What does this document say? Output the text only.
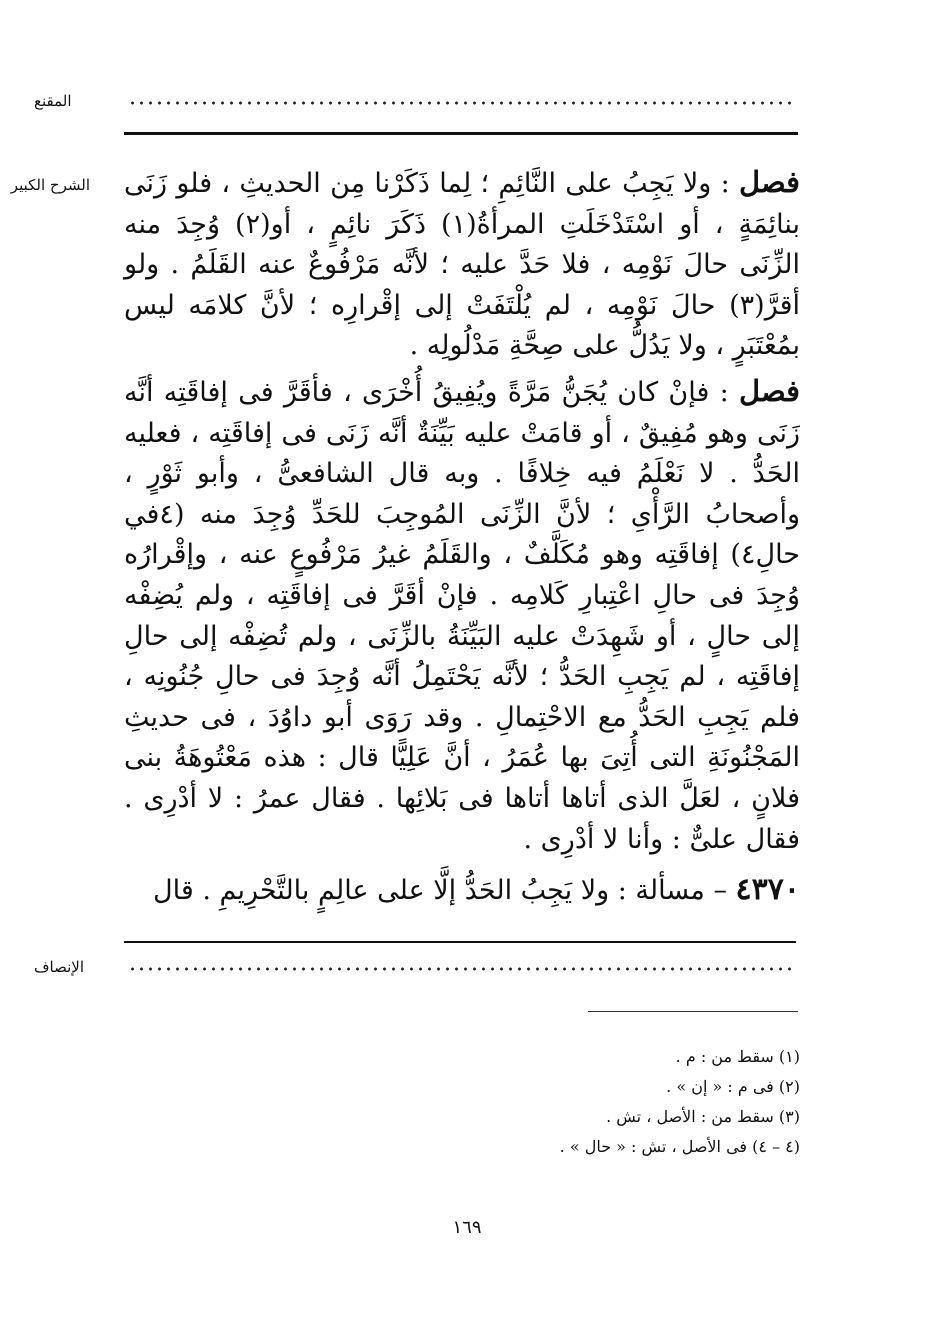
المقنع
الشرح الكبير	فصل : ولا يَجِبُ على النَّائِمِ ؛ لِما ذَكَرْنا مِن الحديثِ ، فلو زَنَى بنائِمَةٍ ، أو اسْتَدْخَلَتِ المرأةُ(١) ذَكَرَ نائِمٍ ، أو(٢) وُجِدَ منه الزِّنَى حالَ نَوْمِه ، فلا حَدَّ عليه ؛ لأنَّه مَرْفُوعٌ عنه القَلَمُ . ولو أقرَّ(٣) حالَ نَوْمِه ، لم يُلْتَفَتْ إلى إقْرارِه ؛ لأنَّ كلامَه ليس بمُعْتَبَرٍ ، ولا يَدُلُّ على صِحَّةِ مَدْلُولِه .

فصل : فإنْ كان يُجَنُّ مَرَّةً ويُفِيقُ أُخْرَى ، فأقَرَّ فى إفاقَتِه أنَّه زَنَى وهو مُفِيقٌ ، أو قامَتْ عليه بَيِّنَةٌ أنَّه زَنَى فى إفاقَتِه ، فعليه الحَدُّ . لا نَعْلَمُ فيه خِلافًا . وبه قال الشافعىُّ ، وأبو ثَوْرٍ ، وأصحابُ الرَّأْىِ ؛ لأنَّ الزِّنَى المُوجِبَ للحَدِّ وُجِدَ منه (٤في حالِ٤) إفاقَتِه وهو مُكَلَّفٌ ، والقَلَمُ غيرُ مَرْفُوعٍ عنه ، وإقْرارُه وُجِدَ فى حالِ اعْتِبارِ كَلامِه . فإنْ أقَرَّ فى إفاقَتِه ، ولم يُضِفْه إلى حالٍ ، أو شَهِدَتْ عليه البَيِّنَةُ بالزِّنَى ، ولم تُضِفْه إلى حالِ إفاقَتِه ، لم يَجِبِ الحَدُّ ؛ لأنَّه يَحْتَمِلُ أنَّه وُجِدَ فى حالِ جُنُونِه ، فلم يَجِبِ الحَدُّ مع الاحْتِمالِ . وقد رَوَى أبو داوُدَ ، فى حديثِ المَجْنُونَةِ التى أُتِىَ بها عُمَرُ ، أنَّ عَلِيًّا قال : هذه مَعْتُوهَةُ بنى فلانٍ ، لعَلَّ الذى أتاها أتاها فى بَلائِها . فقال عمرُ : لا أدْرِى . فقال علىٌّ : وأنا لا أدْرِى .

٤٣٧٠ – مسألة : ولا يَجِبُ الحَدُّ إلَّا على عالِمٍ بالتَّحْرِيمِ . قال

الإنصاف
(١) سقط من : م .
(٢) فى م : « إن » .
(٣) سقط من : الأصل ، تش .
(٤ – ٤) فى الأصل ، تش : « حال » .
١٦٩
